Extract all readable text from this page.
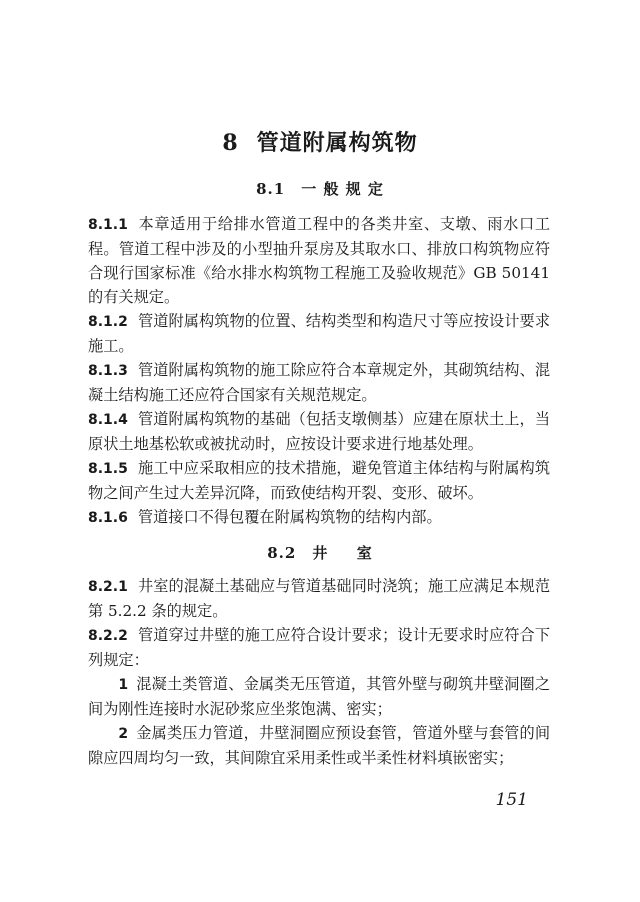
8 管道附属构筑物
8.1 一 般 规 定

8.1.1 本章适用于给排水管道工程中的各类井室、支墩、雨水口工程。管道工程中涉及的小型抽升泵房及其取水口、排放口构筑物应符合现行国家标准《给水排水构筑物工程施工及验收规范》GB 50141的有关规定。

8.1.2 管道附属构筑物的位置、结构类型和构造尺寸等应按设计要求施工。

8.1.3 管道附属构筑物的施工除应符合本章规定外，其砌筑结构、混凝土结构施工还应符合国家有关规范规定。

8.1.4 管道附属构筑物的基础（包括支墩侧基）应建在原状土上，当原状土地基松软或被扰动时，应按设计要求进行地基处理。

8.1.5 施工中应采取相应的技术措施，避免管道主体结构与附属构筑物之间产生过大差异沉降，而致使结构开裂、变形、破坏。

8.1.6 管道接口不得包覆在附属构筑物的结构内部。

8.2 井 　 室

8.2.1 井室的混凝土基础应与管道基础同时浇筑；施工应满足本规范第 5.2.2 条的规定。

8.2.2 管道穿过井壁的施工应符合设计要求；设计无要求时应符合下列规定：

1 混凝土类管道、金属类无压管道，其管外壁与砌筑井壁洞圈之间为刚性连接时水泥砂浆应坐浆饱满、密实；

2 金属类压力管道，井壁洞圈应预设套管，管道外壁与套管的间隙应四周均匀一致，其间隙宜采用柔性或半柔性材料填嵌密实；

151
